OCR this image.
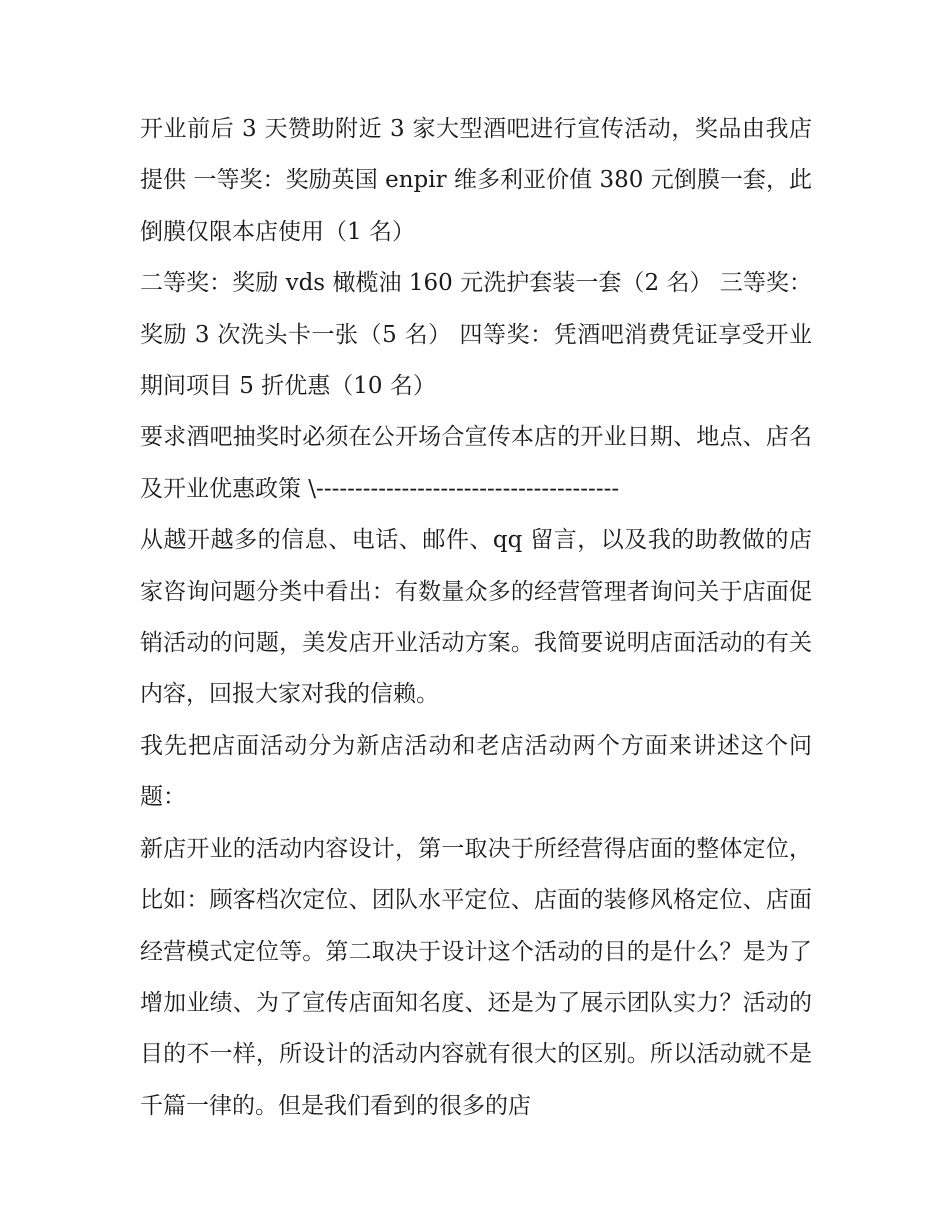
开业前后 3 天赞助附近 3 家大型酒吧进行宣传活动，奖品由我店提供 一等奖：奖励英国 enpir 维多利亚价值 380 元倒膜一套，此倒膜仅限本店使用（1 名）

二等奖：奖励 vds 橄榄油 160 元洗护套装一套（2 名） 三等奖：奖励 3 次洗头卡一张（5 名） 四等奖：凭酒吧消费凭证享受开业期间项目 5 折优惠（10 名）

要求酒吧抽奖时必须在公开场合宣传本店的开业日期、地点、店名及开业优惠政策 \---------------------------------------

从越开越多的信息、电话、邮件、qq 留言，以及我的助教做的店家咨询问题分类中看出：有数量众多的经营管理者询问关于店面促销活动的问题，美发店开业活动方案。我简要说明店面活动的有关内容，回报大家对我的信赖。

我先把店面活动分为新店活动和老店活动两个方面来讲述这个问题：

新店开业的活动内容设计，第一取决于所经营得店面的整体定位，比如：顾客档次定位、团队水平定位、店面的装修风格定位、店面经营模式定位等。第二取决于设计这个活动的目的是什么？是为了增加业绩、为了宣传店面知名度、还是为了展示团队实力？活动的目的不一样，所设计的活动内容就有很大的区别。所以活动就不是千篇一律的。但是我们看到的很多的店
